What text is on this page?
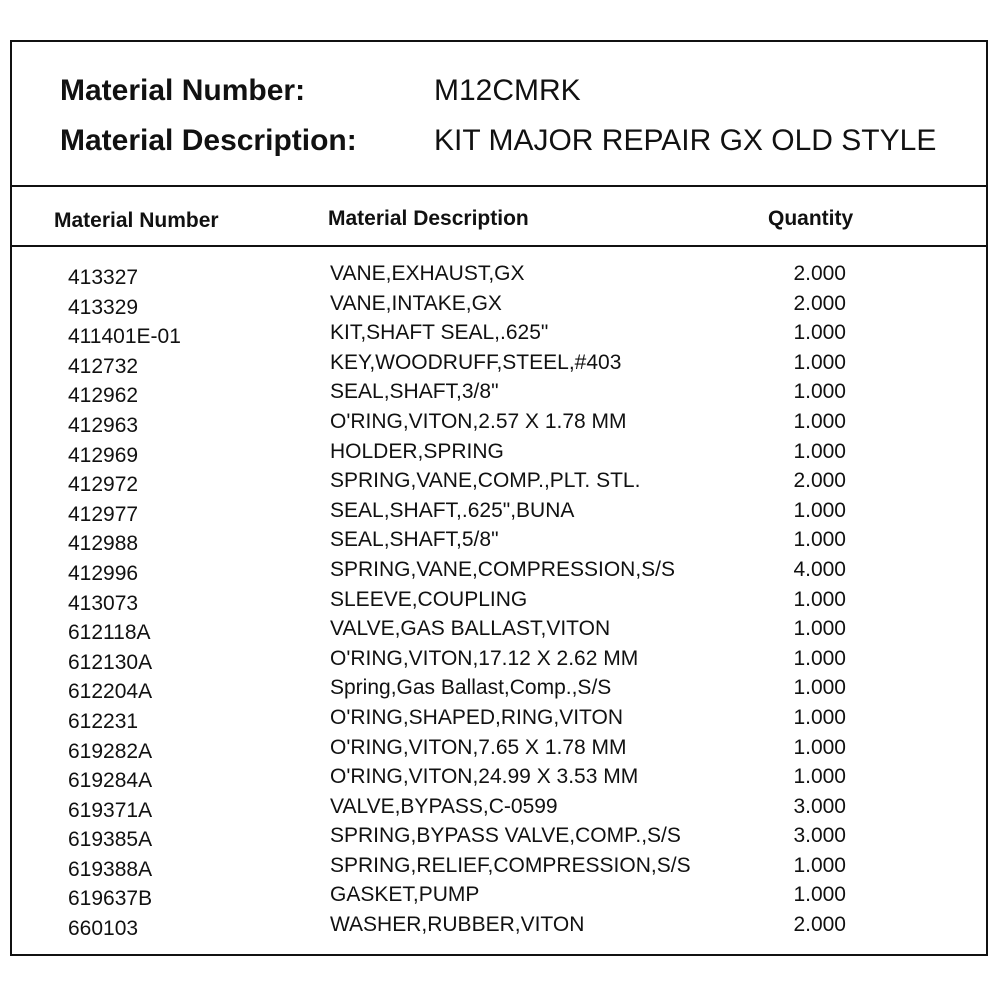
Material Number:	M12CMRK
Material Description:	KIT MAJOR REPAIR GX OLD STYLE
Material Number	Material Description	Quantity
413327	VANE,EXHAUST,GX	2.000
413329	VANE,INTAKE,GX	2.000
411401E-01	KIT,SHAFT SEAL,.625"	1.000
412732	KEY,WOODRUFF,STEEL,#403	1.000
412962	SEAL,SHAFT,3/8"	1.000
412963	O'RING,VITON,2.57 X 1.78 MM	1.000
412969	HOLDER,SPRING	1.000
412972	SPRING,VANE,COMP.,PLT. STL.	2.000
412977	SEAL,SHAFT,.625",BUNA	1.000
412988	SEAL,SHAFT,5/8"	1.000
412996	SPRING,VANE,COMPRESSION,S/S	4.000
413073	SLEEVE,COUPLING	1.000
612118A	VALVE,GAS BALLAST,VITON	1.000
612130A	O'RING,VITON,17.12 X 2.62 MM	1.000
612204A	Spring,Gas Ballast,Comp.,S/S	1.000
612231	O'RING,SHAPED,RING,VITON	1.000
619282A	O'RING,VITON,7.65 X 1.78 MM	1.000
619284A	O'RING,VITON,24.99 X 3.53 MM	1.000
619371A	VALVE,BYPASS,C-0599	3.000
619385A	SPRING,BYPASS VALVE,COMP.,S/S	3.000
619388A	SPRING,RELIEF,COMPRESSION,S/S	1.000
619637B	GASKET,PUMP	1.000
660103	WASHER,RUBBER,VITON	2.000
